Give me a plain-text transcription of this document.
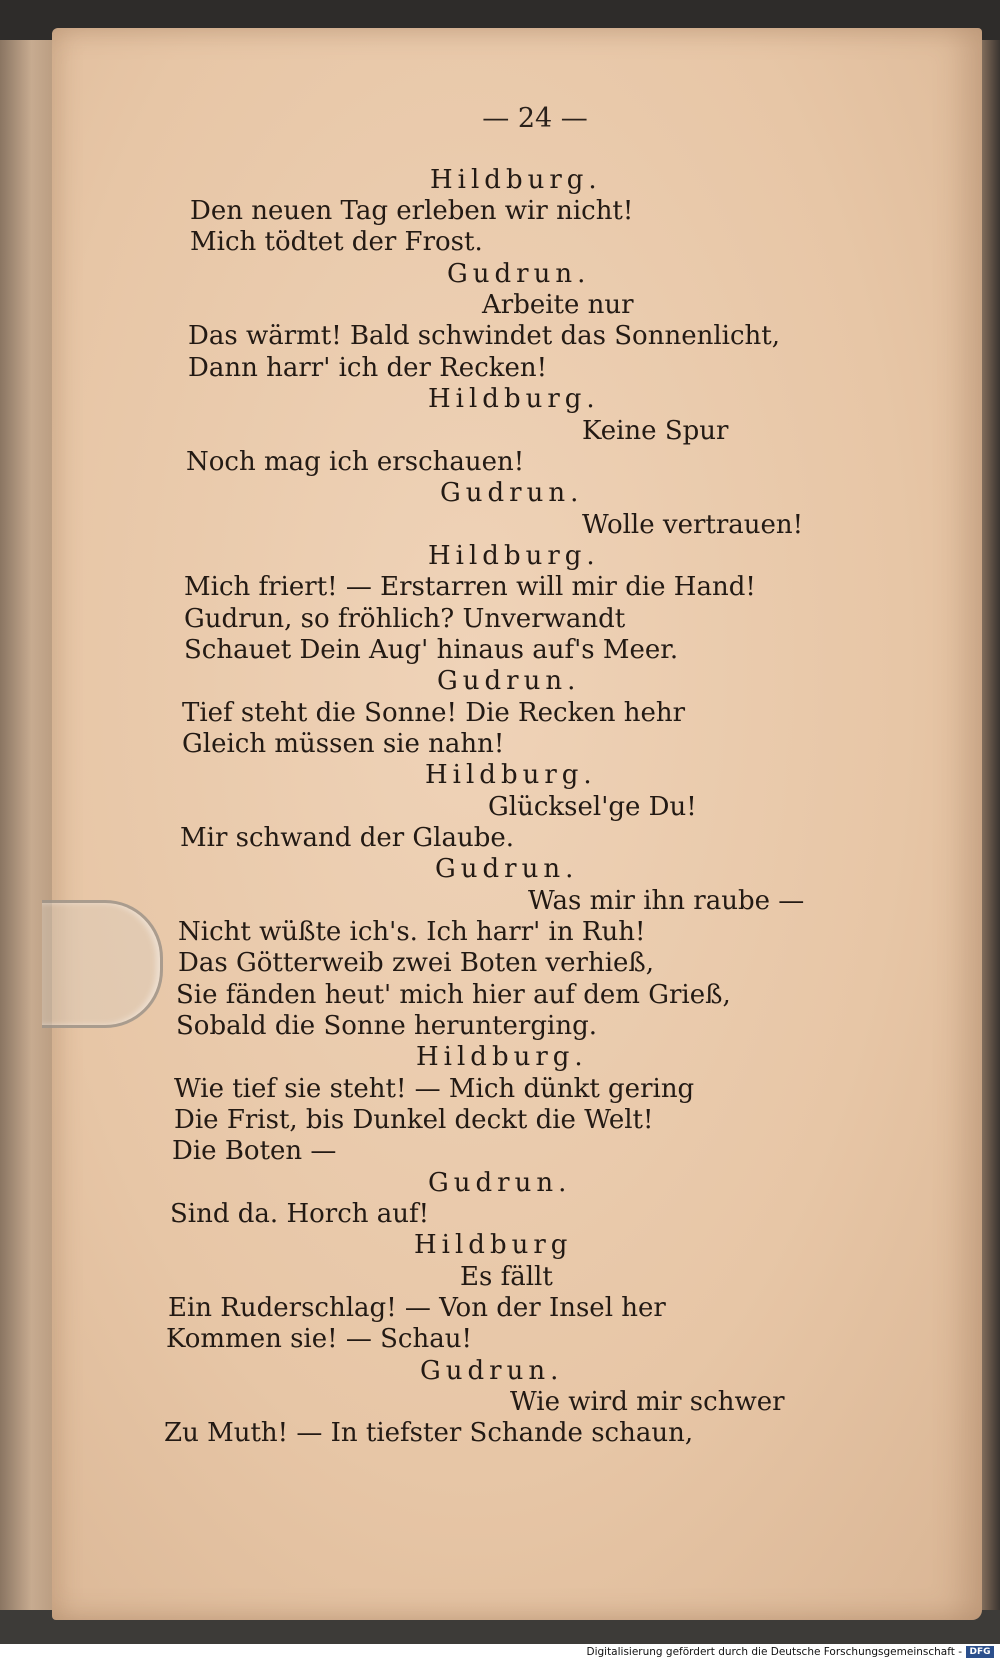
— 24 —
Hildburg.
Den neuen Tag erleben wir nicht!
Mich tödtet der Frost.
Gudrun.
Arbeite nur
Das wärmt! Bald schwindet das Sonnenlicht,
Dann harr' ich der Recken!
Hildburg.
Keine Spur
Noch mag ich erschauen!
Gudrun.
Wolle vertrauen!
Hildburg.
Mich friert! — Erstarren will mir die Hand!
Gudrun, so fröhlich? Unverwandt
Schauet Dein Aug' hinaus auf's Meer.
Gudrun.
Tief steht die Sonne! Die Recken hehr
Gleich müssen sie nahn!
Hildburg.
Glücksel'ge Du!
Mir schwand der Glaube.
Gudrun.
Was mir ihn raube —
Nicht wüßte ich's. Ich harr' in Ruh!
Das Götterweib zwei Boten verhieß,
Sie fänden heut' mich hier auf dem Grieß,
Sobald die Sonne herunterging.
Hildburg.
Wie tief sie steht! — Mich dünkt gering
Die Frist, bis Dunkel deckt die Welt!
Die Boten —
Gudrun.
Sind da. Horch auf!
Hildburg
Es fällt
Ein Ruderschlag! — Von der Insel her
Kommen sie! — Schau!
Gudrun.
Wie wird mir schwer
Zu Muth! — In tiefster Schande schaun,
Digitalisierung gefördert durch die Deutsche Forschungsgemeinschaft - DFG
